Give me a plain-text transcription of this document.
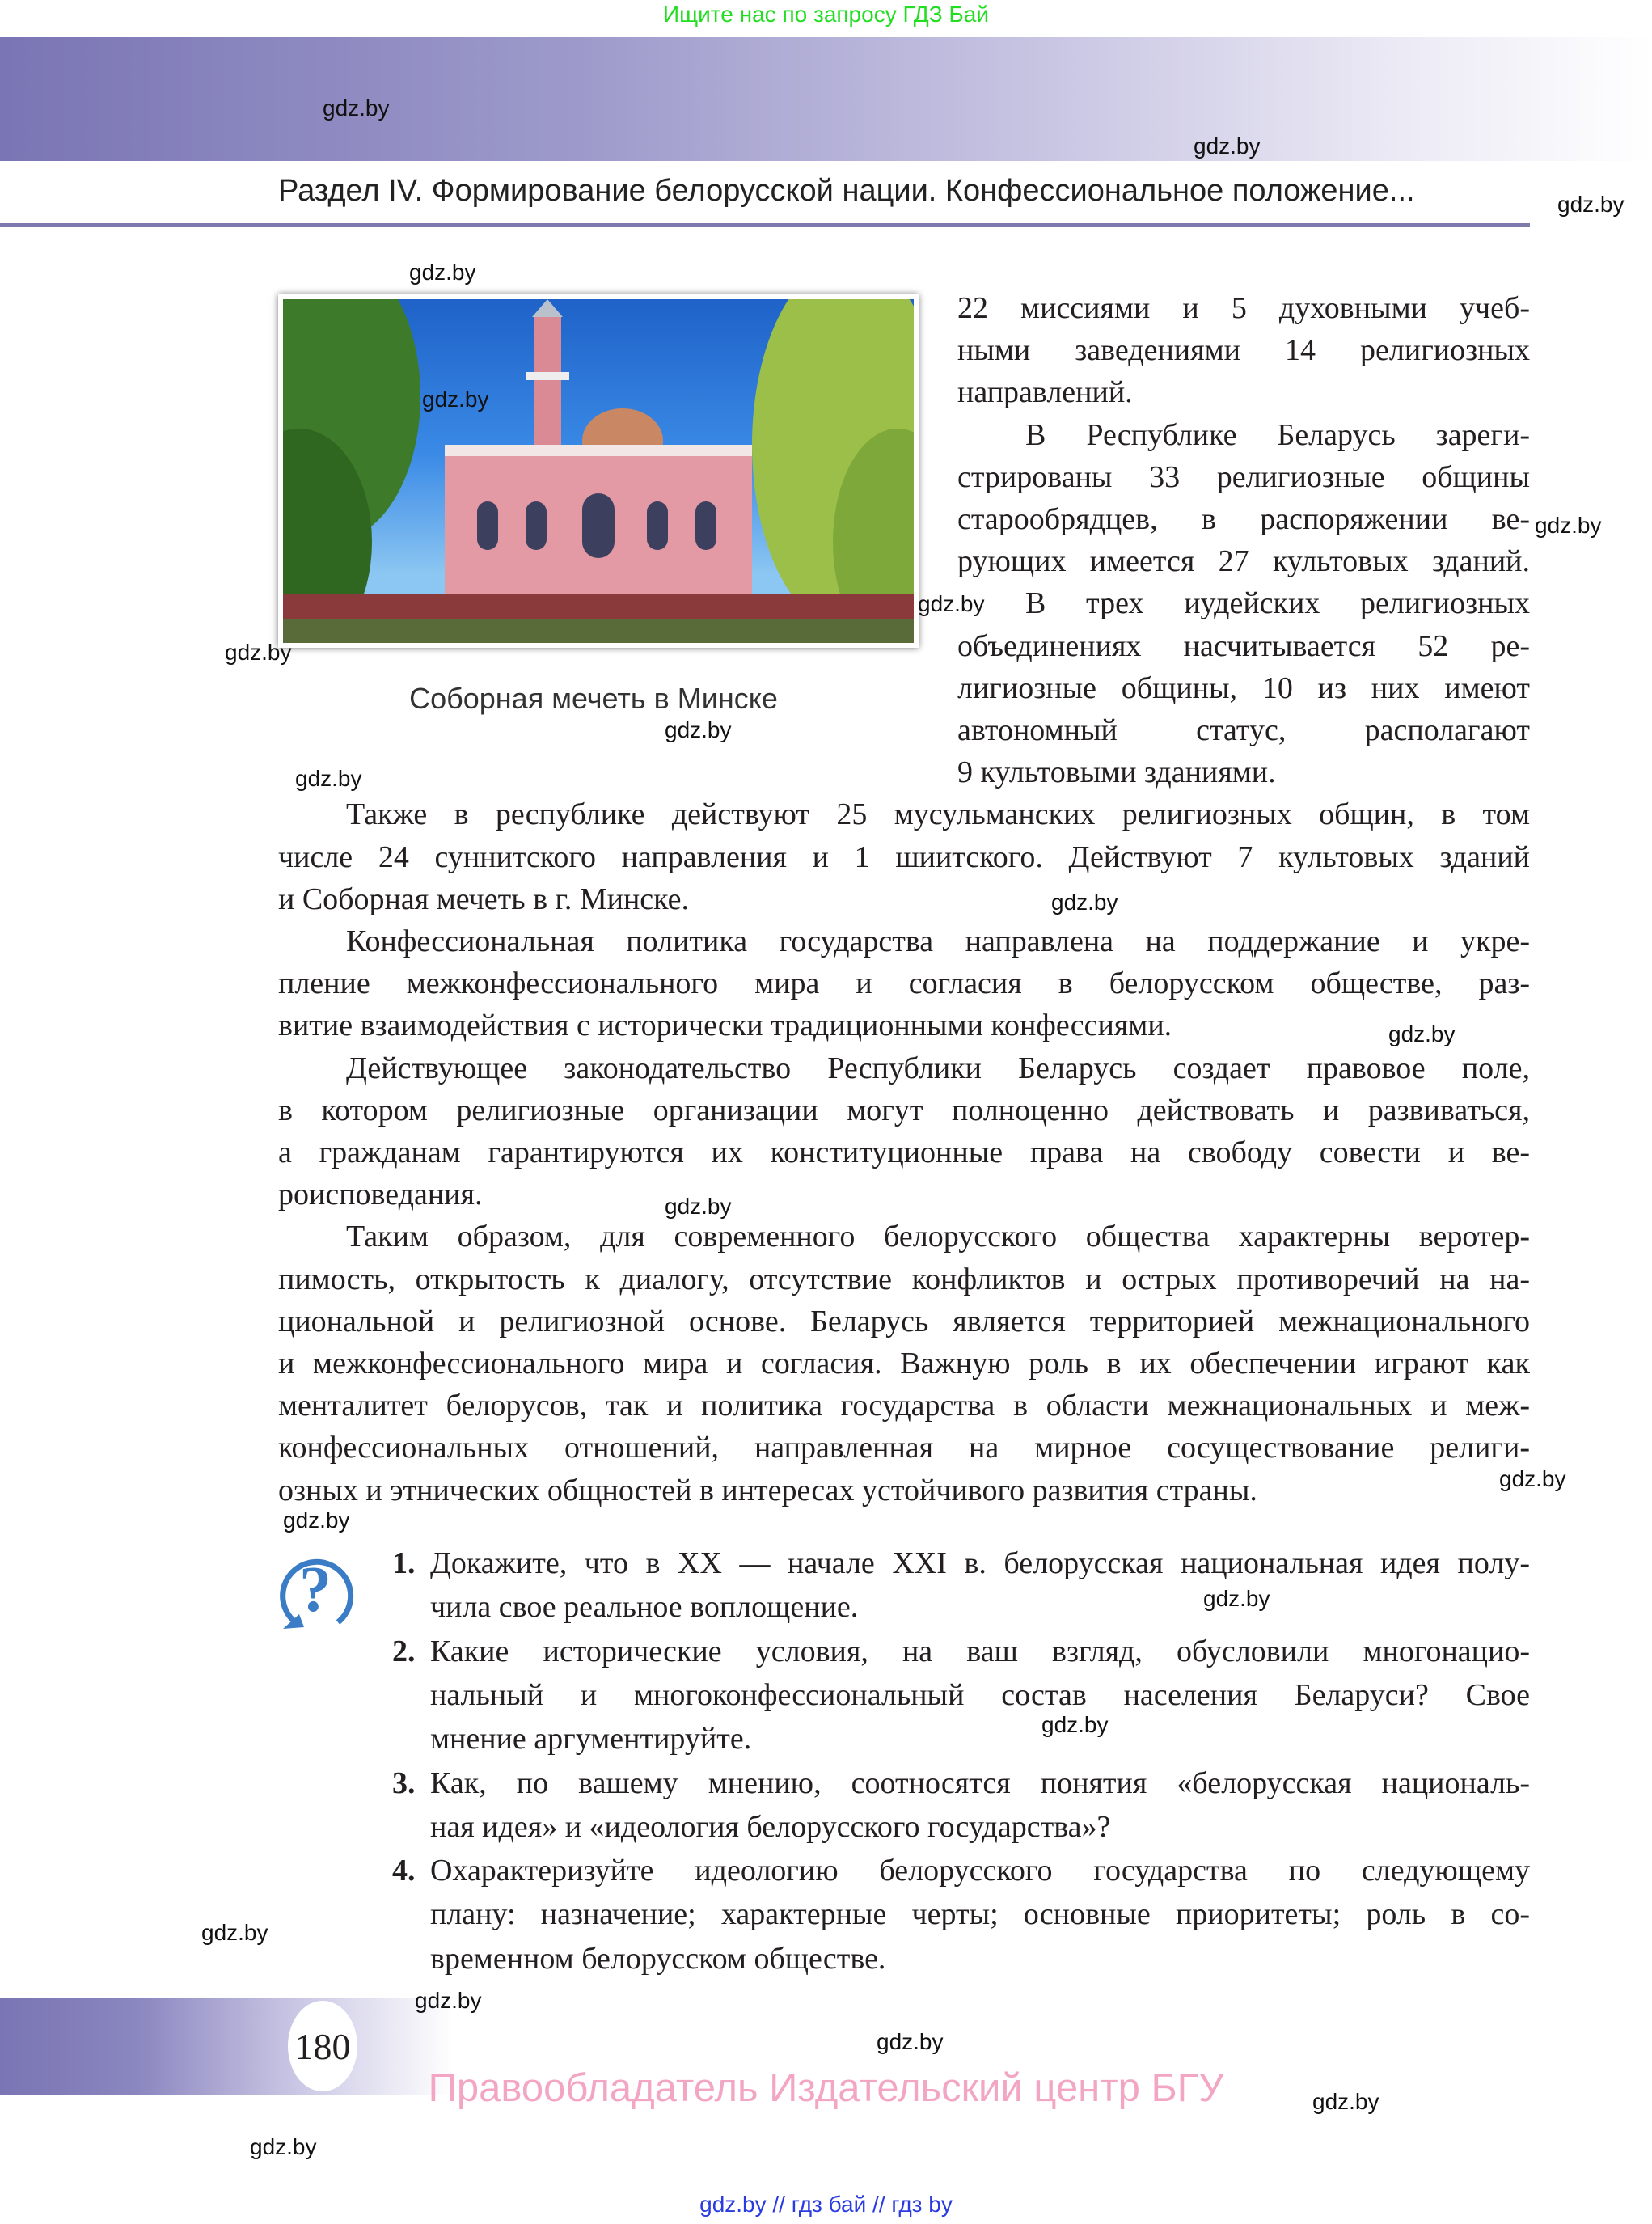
Ищите нас по запросу ГДЗ Бай
Раздел IV. Формирование белорусской нации. Конфессиональное положение...
Соборная мечеть в Минске
22 миссиями и 5 духовными учеб-
ными заведениями 14 религиозных
направлений.
В Республике Беларусь зареги-
стрированы 33 религиозные общины
старообрядцев, в распоряжении ве-
рующих имеется 27 культовых зданий.
В трех иудейских религиозных
объединениях насчитывается 52 ре-
лигиозные общины, 10 из них имеют
автономный статус, располагают
9 культовыми зданиями.
Также в республике действуют 25 мусульманских религиозных общин, в том
числе 24 суннитского направления и 1 шиитского. Действуют 7 культовых зданий
и Соборная мечеть в г. Минске.
Конфессиональная политика государства направлена на поддержание и укре-
пление межконфессионального мира и согласия в белорусском обществе, раз-
витие взаимодействия с исторически традиционными конфессиями.
Действующее законодательство Республики Беларусь создает правовое поле,
в котором религиозные организации могут полноценно действовать и развиваться,
а гражданам гарантируются их конституционные права на свободу совести и ве-
роисповедания.
Таким образом, для современного белорусского общества характерны веротер-
пимость, открытость к диалогу, отсутствие конфликтов и острых противоречий на на-
циональной и религиозной основе. Беларусь является территорией межнационального
и межконфессионального мира и согласия. Важную роль в их обеспечении играют как
менталитет белорусов, так и политика государства в области межнациональных и меж-
конфессиональных отношений, направленная на мирное сосуществование религи-
озных и этнических общностей в интересах устойчивого развития страны.
? 1. Докажите, что в XX — начале XXI в. белорусская национальная идея полу-
чила свое реальное воплощение.
2. Какие исторические условия, на ваш взгляд, обусловили многонацио-
нальный и многоконфессиональный состав населения Беларуси? Свое
мнение аргументируйте.
3. Как, по вашему мнению, соотносятся понятия «белорусская националь-
ная идея» и «идеология белорусского государства»?
4. Охарактеризуйте идеологию белорусского государства по следующему
плану: назначение; характерные черты; основные приоритеты; роль в со-
временном белорусском обществе.
180
Правообладатель Издательский центр БГУ
gdz.by // гдз бай // гдз by
gdz.by
gdz.by
gdz.by
gdz.by
gdz.by
gdz.by
gdz.by
gdz.by
gdz.by
gdz.by
gdz.by
gdz.by
gdz.by
gdz.by
gdz.by
gdz.by
gdz.by
gdz.by
gdz.by
gdz.by
gdz.by
gdz.by
